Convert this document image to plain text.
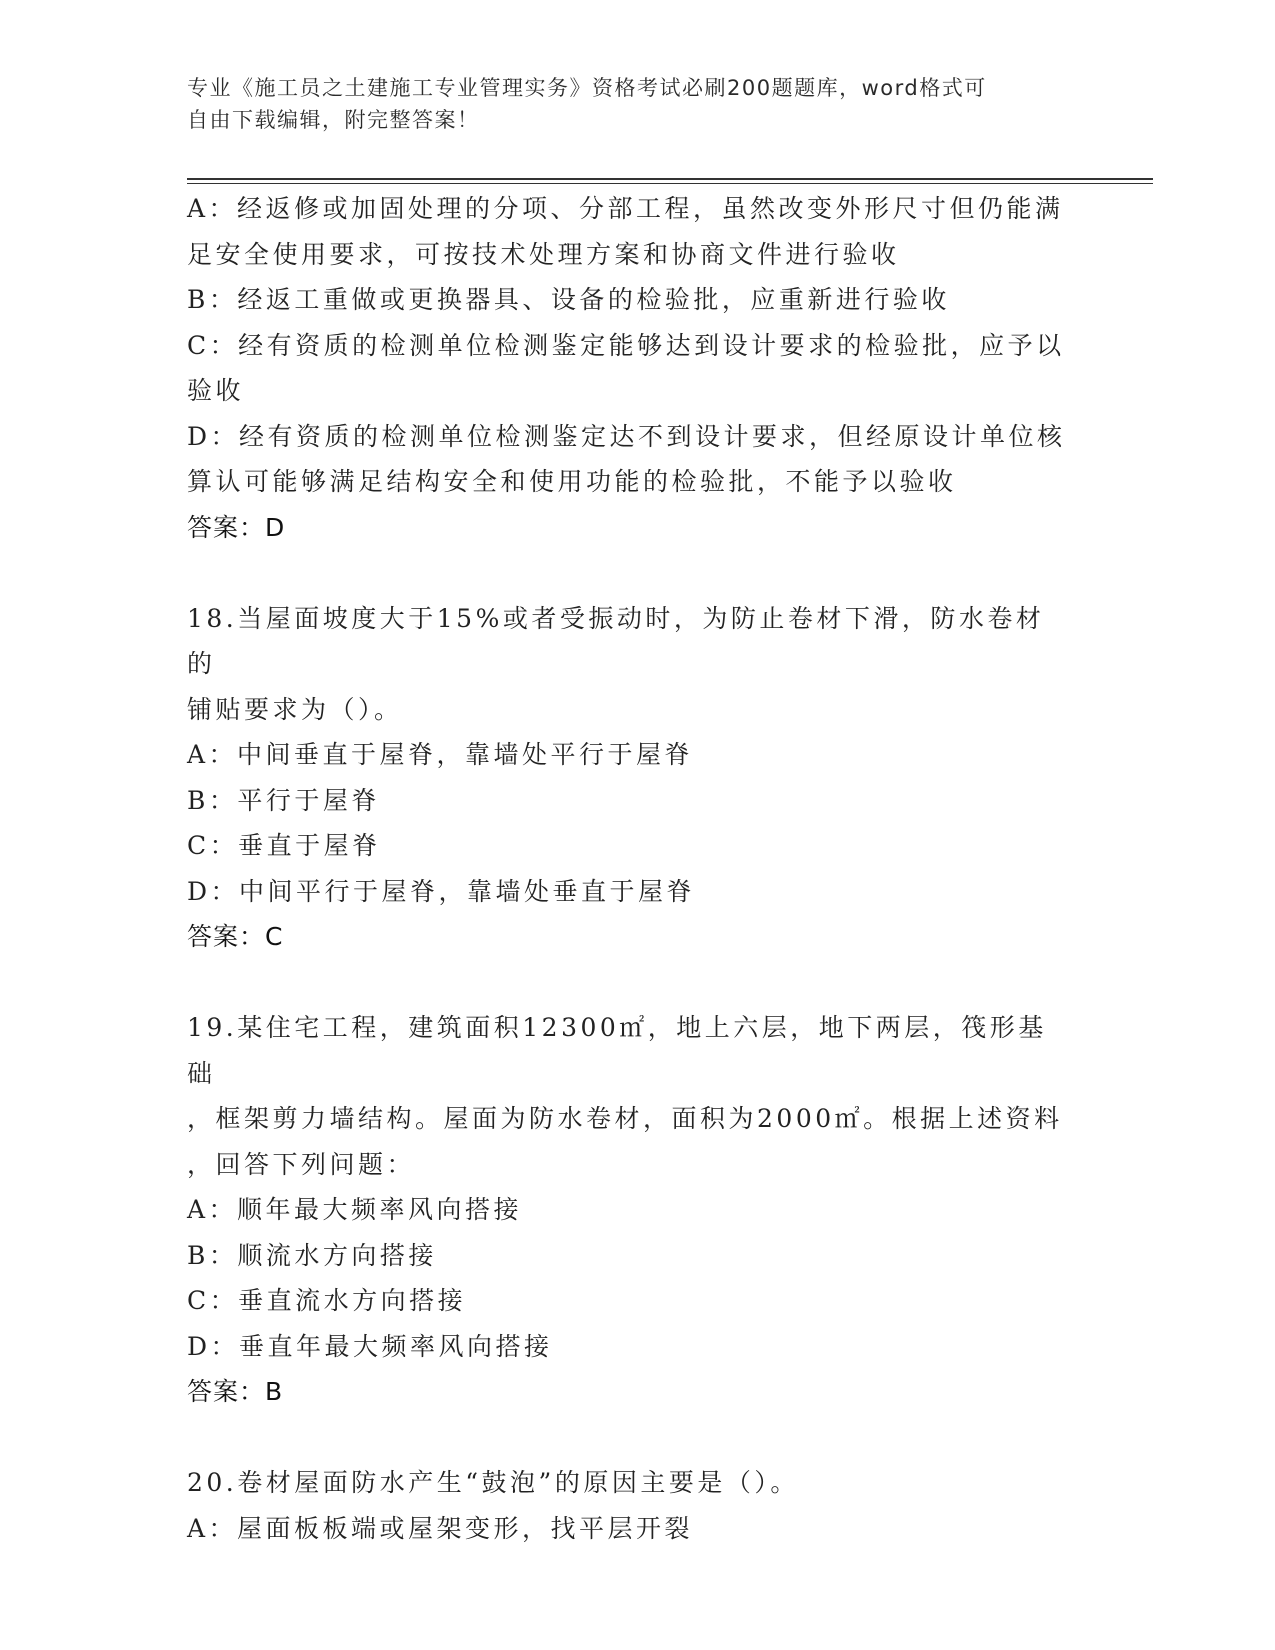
专业《施工员之土建施工专业管理实务》资格考试必刷200题题库，word格式可
自由下载编辑，附完整答案！
A：经返修或加固处理的分项、分部工程，虽然改变外形尺寸但仍能满
足安全使用要求，可按技术处理方案和协商文件进行验收
B：经返工重做或更换器具、设备的检验批，应重新进行验收
C：经有资质的检测单位检测鉴定能够达到设计要求的检验批，应予以
验收
D：经有资质的检测单位检测鉴定达不到设计要求，但经原设计单位核
算认可能够满足结构安全和使用功能的检验批，不能予以验收
答案：D
18.当屋面坡度大于15%或者受振动时，为防止卷材下滑，防水卷材的
铺贴要求为（）。
A：中间垂直于屋脊，靠墙处平行于屋脊
B：平行于屋脊
C：垂直于屋脊
D：中间平行于屋脊，靠墙处垂直于屋脊
答案：C
19.某住宅工程，建筑面积12300㎡，地上六层，地下两层，筏形基础
，框架剪力墙结构。屋面为防水卷材，面积为2000㎡。根据上述资料
，回答下列问题：
A：顺年最大频率风向搭接
B：顺流水方向搭接
C：垂直流水方向搭接
D：垂直年最大频率风向搭接
答案：B
20.卷材屋面防水产生“鼓泡”的原因主要是（）。
A：屋面板板端或屋架变形，找平层开裂
